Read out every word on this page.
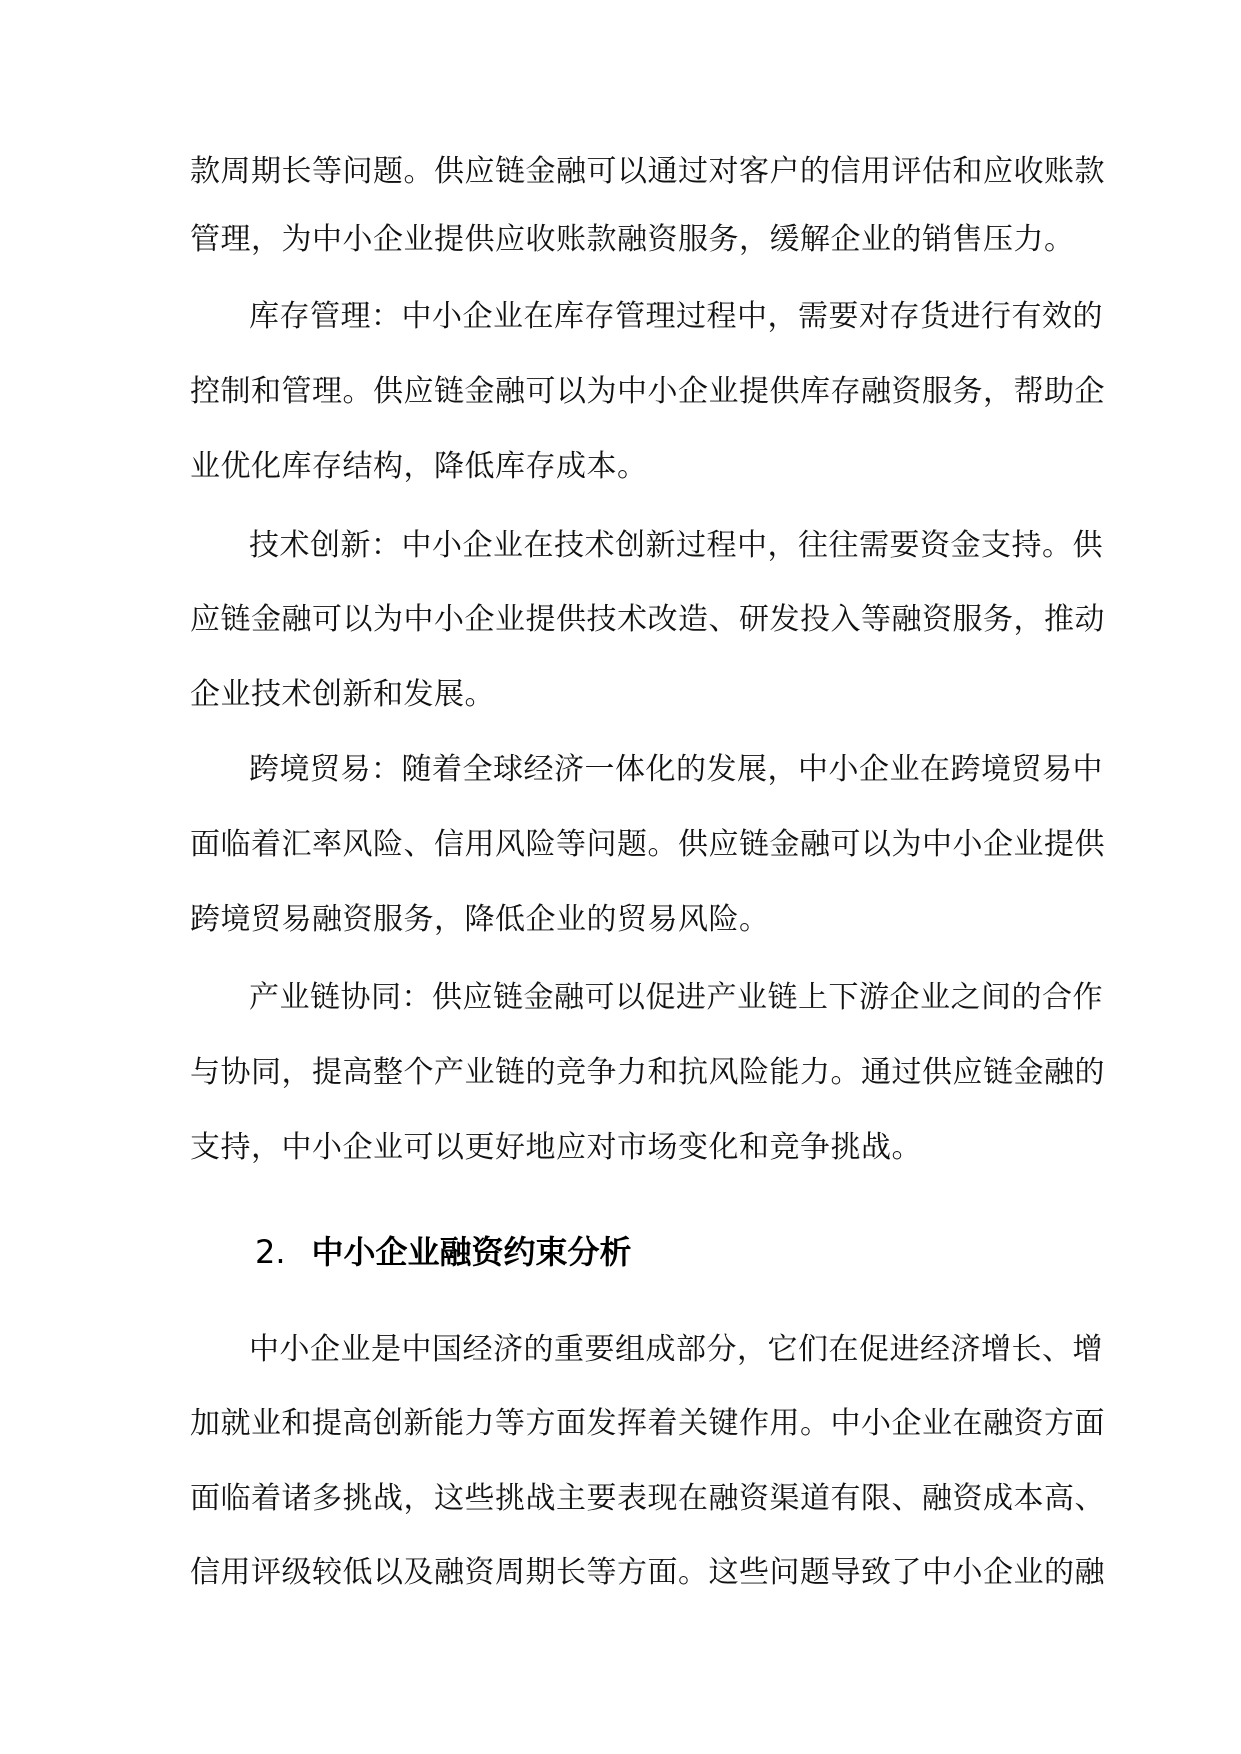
款周期长等问题。供应链金融可以通过对客户的信用评估和应收账款
管理，为中小企业提供应收账款融资服务，缓解企业的销售压力。
库存管理：中小企业在库存管理过程中，需要对存货进行有效的
控制和管理。供应链金融可以为中小企业提供库存融资服务，帮助企
业优化库存结构，降低库存成本。
技术创新：中小企业在技术创新过程中，往往需要资金支持。供
应链金融可以为中小企业提供技术改造、研发投入等融资服务，推动
企业技术创新和发展。
跨境贸易：随着全球经济一体化的发展，中小企业在跨境贸易中
面临着汇率风险、信用风险等问题。供应链金融可以为中小企业提供
跨境贸易融资服务，降低企业的贸易风险。
产业链协同：供应链金融可以促进产业链上下游企业之间的合作
与协同，提高整个产业链的竞争力和抗风险能力。通过供应链金融的
支持，中小企业可以更好地应对市场变化和竞争挑战。
2. 中小企业融资约束分析
中小企业是中国经济的重要组成部分，它们在促进经济增长、增
加就业和提高创新能力等方面发挥着关键作用。中小企业在融资方面
面临着诸多挑战，这些挑战主要表现在融资渠道有限、融资成本高、
信用评级较低以及融资周期长等方面。这些问题导致了中小企业的融
